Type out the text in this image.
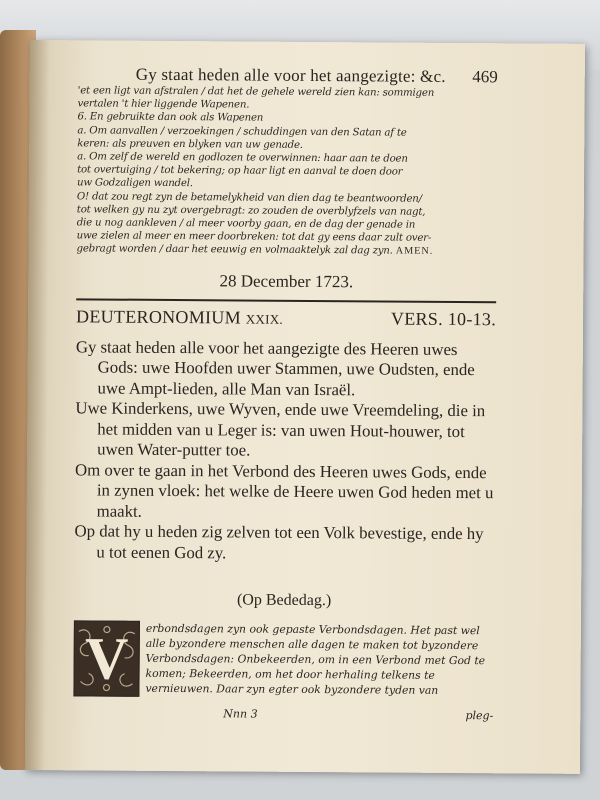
Gy staat heden alle voor het aangezigte: &c. 469

'et een ligt van afstralen / dat het de gehele wereld zien kan: sommigen

vertalen 't hier liggende Wapenen.

6. En gebruikte dan ook als Wapenen

a. Om aanvallen / verzoekingen / schuddingen van den Satan af te

keren: als preuven en blyken van uw genade.

a. Om zelf de wereld en godlozen te overwinnen: haar aan te doen

tot overtuiging / tot bekering; op haar ligt en aanval te doen door

uw Godzaligen wandel.

O! dat zou regt zyn de betamelykheid van dien dag te beantwoorden/

tot welken gy nu zyt overgebragt: zo zouden de overblyfzels van nagt,

die u nog aankleven / al meer voorby gaan, en de dag der genade in

uwe zielen al meer en meer doorbreken: tot dat gy eens daar zult over-

gebragt worden / daar het eeuwig en volmaaktelyk zal dag zyn. AMEN.

28 December 1723.
DEUTERONOMIUM XXIX.	VERS. 10-13.

Gy staat heden alle voor het aangezigte des Heeren uwes Gods: uwe Hoofden uwer Stammen, uwe Oudsten, ende uwe Ampt-lieden, alle Man van Israël.

Uwe Kinderkens, uwe Wyven, ende uwe Vreemdeling, die in het midden van u Leger is: van uwen Hout-houwer, tot uwen Water-putter toe.

Om over te gaan in het Verbond des Heeren uwes Gods, ende in zynen vloek: het welke de Heere uwen God heden met u maakt.

Op dat hy u heden zig zelven tot een Volk bevestige, ende hy u tot eenen God zy.

(Op Bededag.)
V erbondsdagen zyn ook gepaste Verbondsdagen. Het past wel alle byzondere menschen alle dagen te maken tot byzondere Verbondsdagen: Onbekeerden, om in een Verbond met God te komen; Bekeerden, om het door herhaling telkens te vernieuwen. Daar zyn egter ook byzondere tyden van

Nnn 3	pleg-
